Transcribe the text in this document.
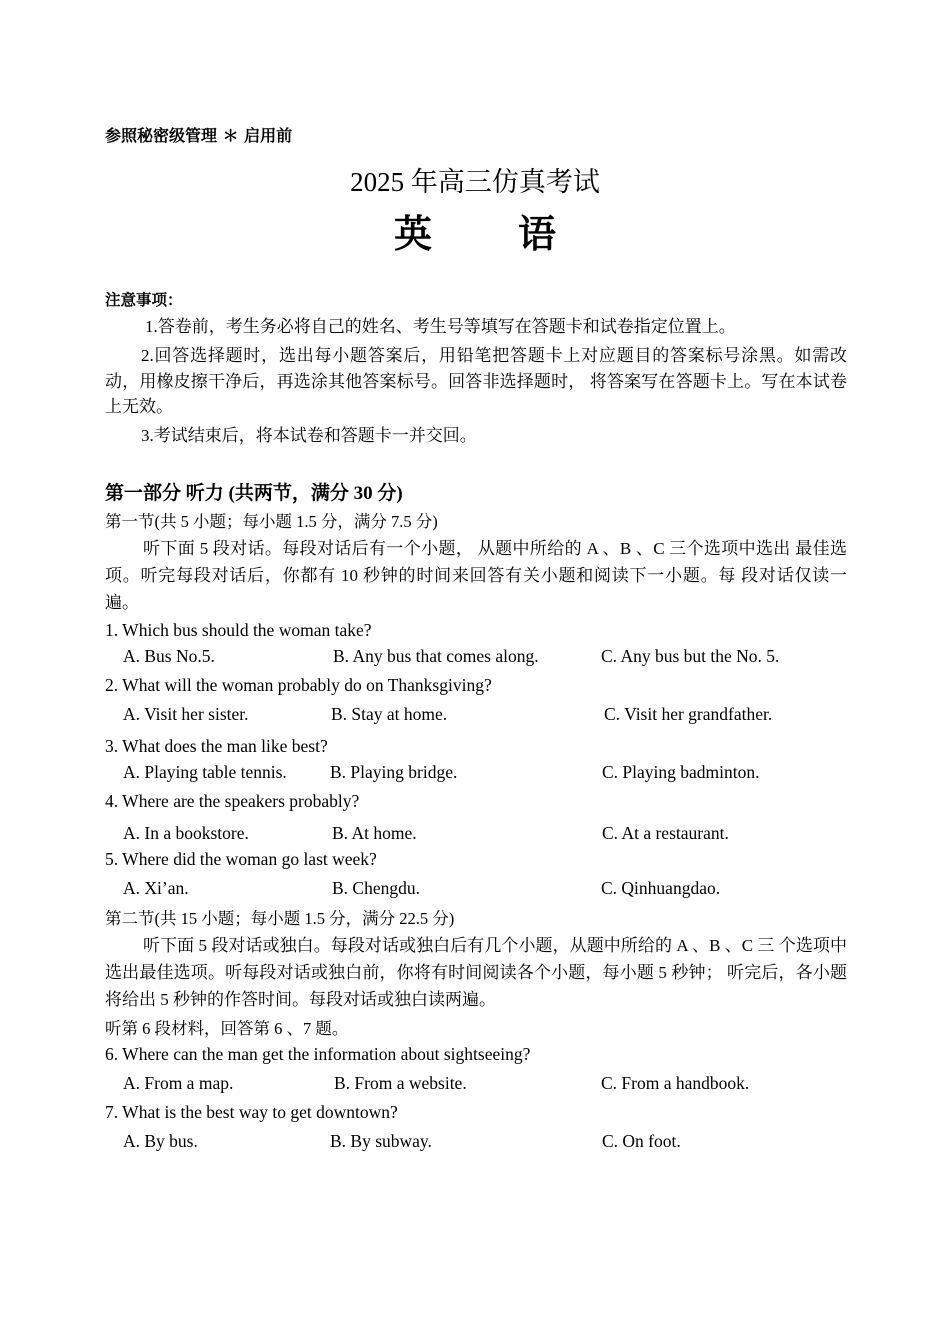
参照秘密级管理 ＊ 启用前
2025 年高三仿真考试
英 语
注意事项：
1.答卷前，考生务必将自己的姓名、考生号等填写在答题卡和试卷指定位置上。
2.回答选择题时，选出每小题答案后，用铅笔把答题卡上对应题目的答案标号涂黑。如需改动，用橡皮擦干净后，再选涂其他答案标号。回答非选择题时， 将答案写在答题卡上。写在本试卷上无效。
3.考试结束后，将本试卷和答题卡一并交回。
第一部分 听力 (共两节，满分 30 分)
第一节(共 5 小题；每小题 1.5 分，满分 7.5 分)
听下面 5 段对话。每段对话后有一个小题， 从题中所给的 A 、B 、C 三个选项中选出 最佳选项。听完每段对话后，你都有 10 秒钟的时间来回答有关小题和阅读下一小题。每 段对话仅读一遍。
1. Which bus should the woman take?
A. Bus No.5.	B. Any bus that comes along.	C. Any bus but the No. 5.
2. What will the woman probably do on Thanksgiving?
A. Visit her sister.	B. Stay at home.	C. Visit her grandfather.
3. What does the man like best?
A. Playing table tennis. B. Playing bridge.	C. Playing badminton.
4. Where are the speakers probably?
A. In a bookstore.	B. At home.	C. At a restaurant.
5. Where did the woman go last week?
A. Xi’an.	B. Chengdu.	C. Qinhuangdao.
第二节(共 15 小题；每小题 1.5 分，满分 22.5 分)
听下面 5 段对话或独白。每段对话或独白后有几个小题，从题中所给的 A 、B 、C 三 个选项中选出最佳选项。听每段对话或独白前，你将有时间阅读各个小题，每小题 5 秒钟； 听完后，各小题将给出 5 秒钟的作答时间。每段对话或独白读两遍。
听第 6 段材料，回答第 6 、7 题。
6. Where can the man get the information about sightseeing?
A. From a map.	B. From a website.	C. From a handbook.
7. What is the best way to get downtown?
A. By bus.	B. By subway.	C. On foot.
